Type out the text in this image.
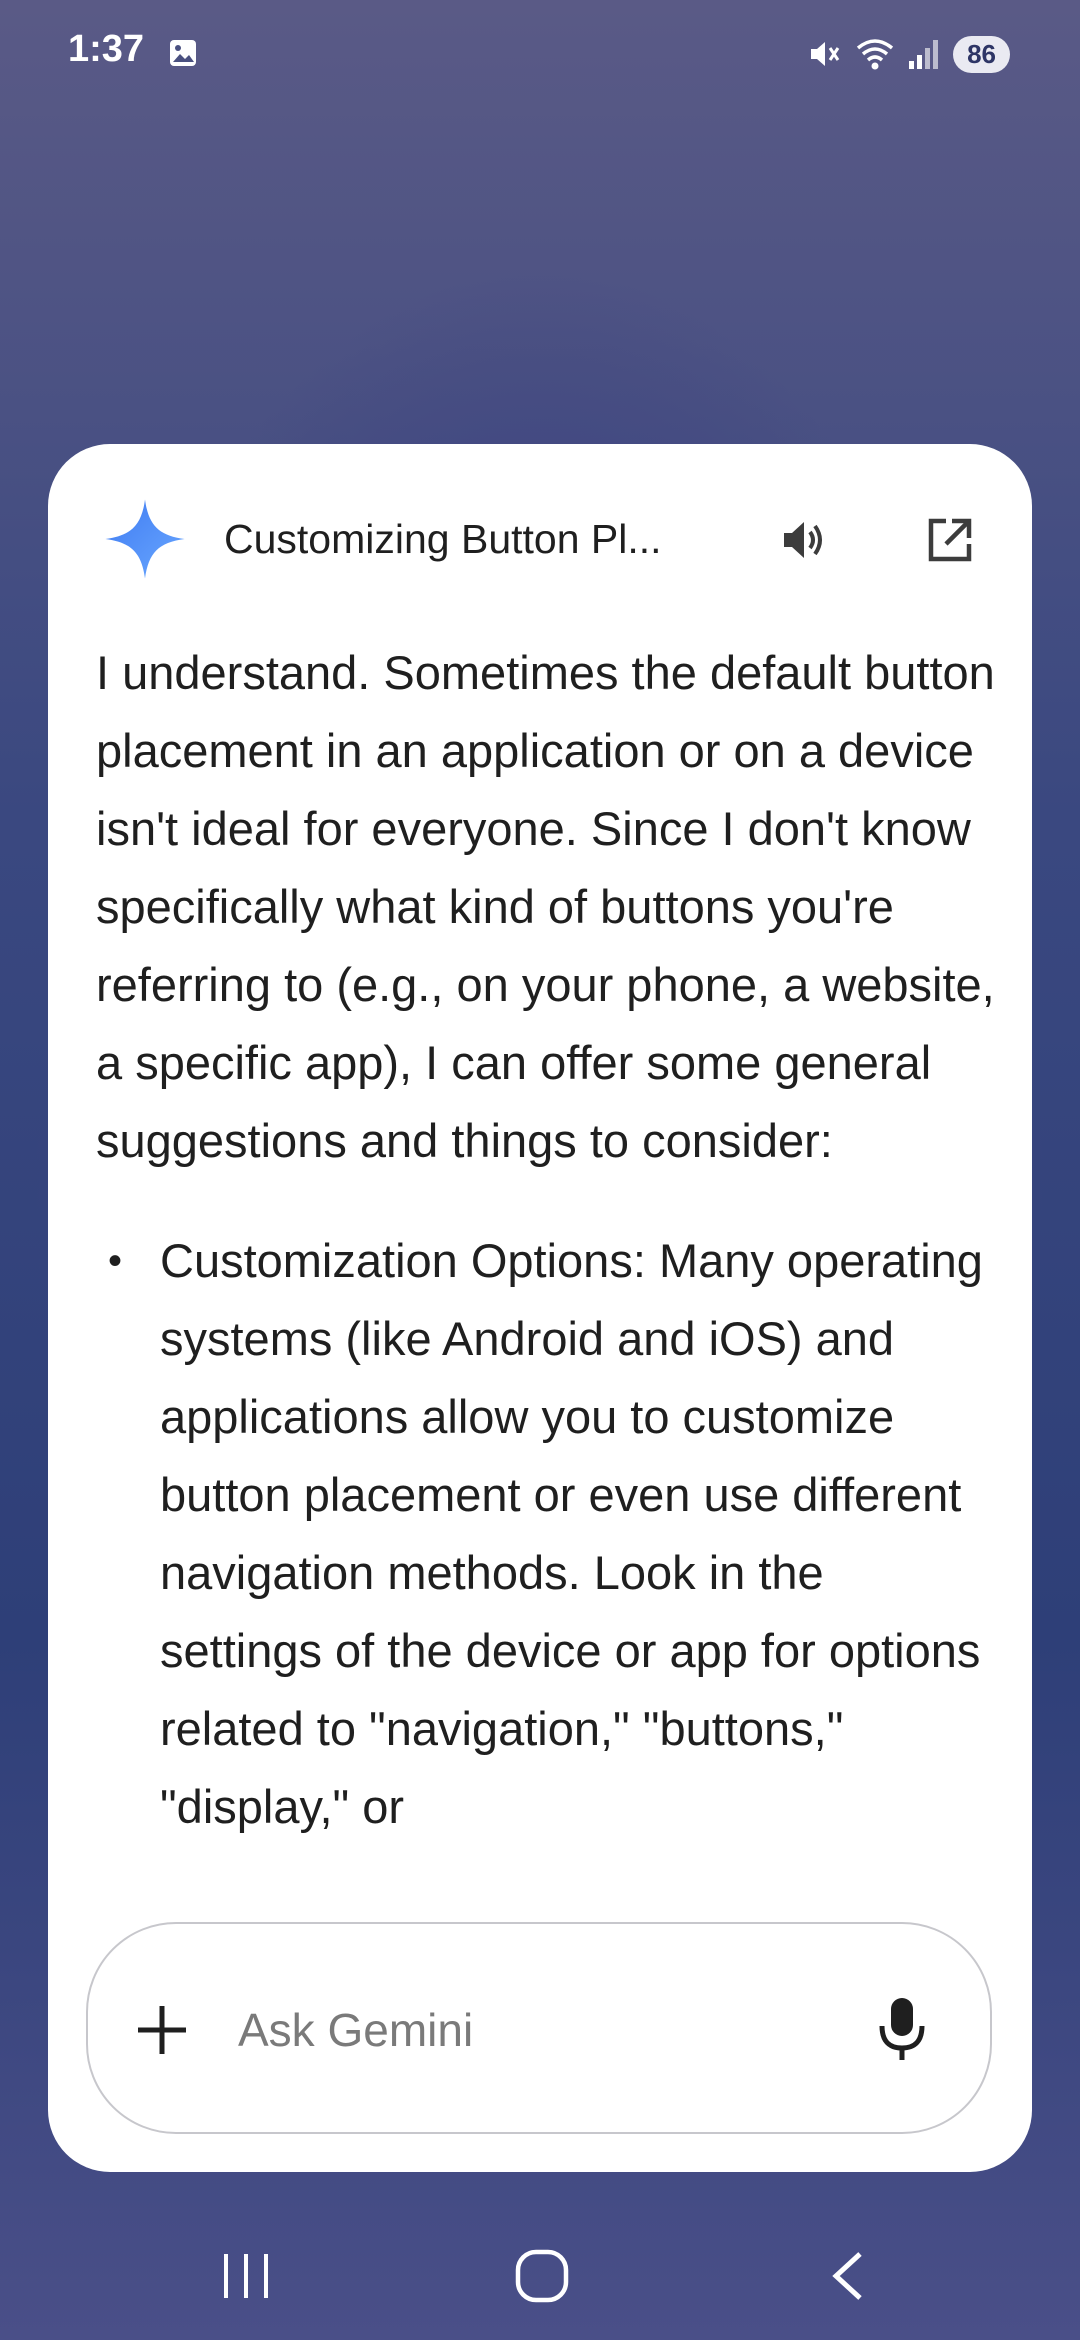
1:37	86
Customizing Button Pl...

I understand. Sometimes the default button placement in an application or on a device isn't ideal for everyone. Since I don't know specifically what kind of buttons you're referring to (e.g., on your phone, a website, a specific app), I can offer some general suggestions and things to consider:

• Customization Options: Many operating systems (like Android and iOS) and applications allow you to customize button placement or even use different navigation methods. Look in the settings of the device or app for options related to "navigation," "buttons," "display," or
Ask Gemini
